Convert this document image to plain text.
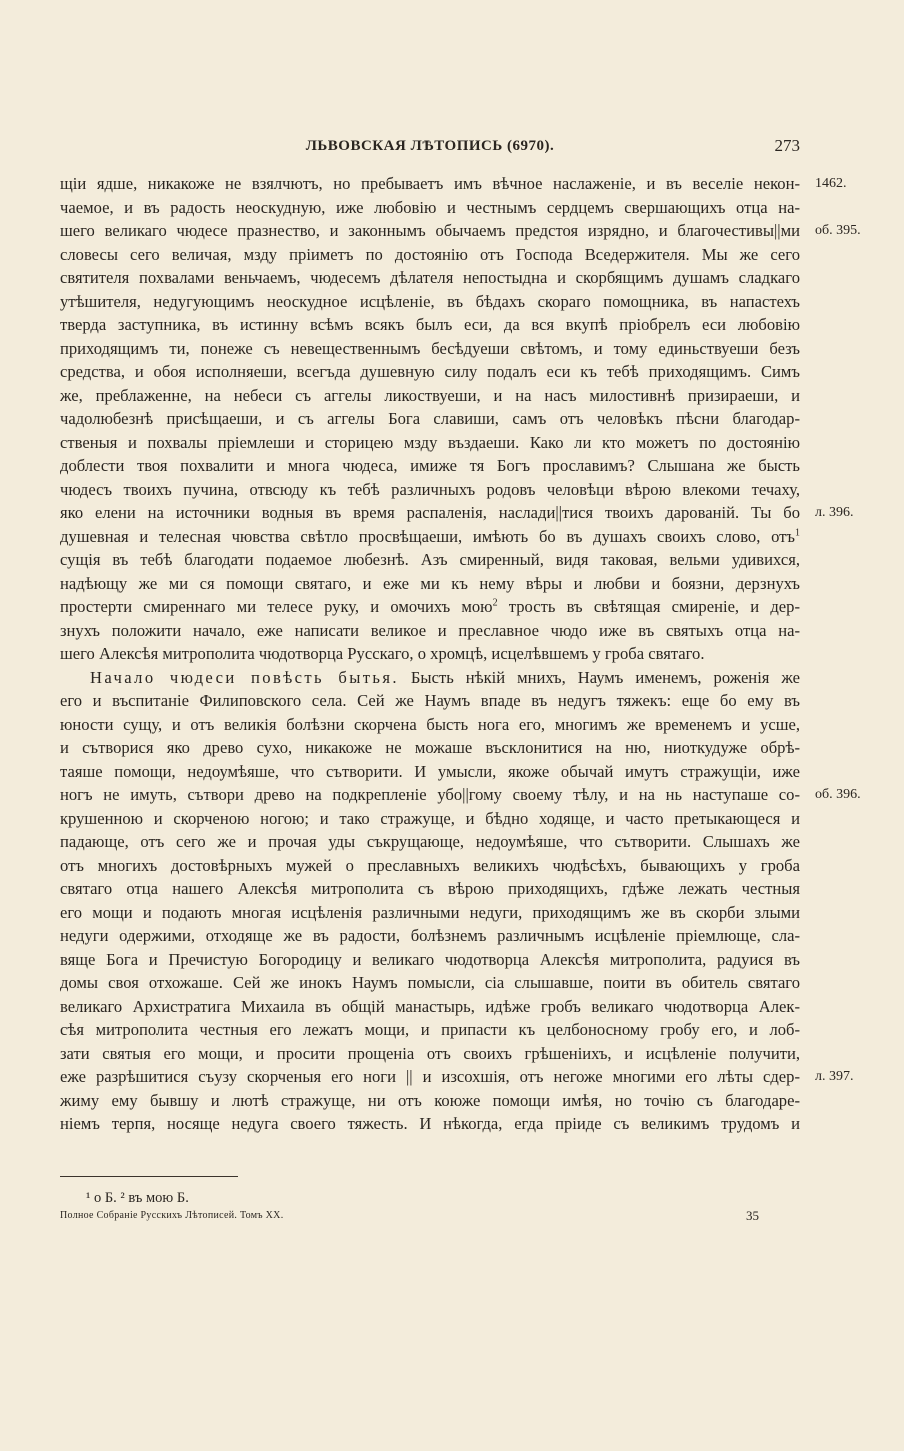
ЛЬВОВСКАЯ ЛѢТОПИСЬ (6970).	273
щіи ядше, никакоже не взялчютъ, но пребываетъ имъ вѣчное наслаженіе, и въ веселіе некон- 1462.
чаемое, и въ радость неоскудную, иже любовію и честнымъ сердцемъ свершающихъ отца на-
шего великаго чюдесе празнество, и законнымъ обычаемъ предстоя изрядно, и благочестивы||ми об. 395.
словесы сего величая, мзду пріиметъ по достоянію отъ Господа Вседержителя. Мы же сего
святителя похвалами веньчаемъ, чюдесемъ дѣлателя непостыдна и скорбящимъ душамъ сладкаго
утѣшителя, недугующимъ неоскудное исцѣленіе, въ бѣдахъ скораго помощника, въ напастехъ
тверда заступника, въ истинну всѣмъ всякъ былъ еси, да вся вкупѣ пріобрелъ еси любовію
приходящимъ ти, понеже съ невещественнымъ бесѣдуеши свѣтомъ, и тому единьствуеши безъ
средства, и обоя исполняеши, всегъда душевную силу подалъ еси къ тебѣ приходящимъ. Симъ
же, преблаженне, на небеси съ аггелы ликоствуеши, и на насъ милостивнѣ призираеши, и
чадолюбезнѣ присѣщаеши, и съ аггелы Бога славиши, самъ отъ человѣкъ пѣсни благодар-
ственыя и похвалы пріемлеши и сторицею мзду въздаеши. Како ли кто можетъ по достоянію
доблести твоя похвалити и многа чюдеса, имиже тя Богъ прославимъ? Слышана же бысть
чюдесъ твоихъ пучина, отвсюду къ тебѣ различныхъ родовъ человѣци вѣрою влекоми течаху,
яко елени на источники водныя въ время распаленія, наслади||тися твоихъ дарованій. Ты бо л. 396.
душевная и телесная чювства свѣтло просвѣщаеши, имѣють бо въ душахъ своихъ слово, отъ$^1$
сущія въ тебѣ благодати подаемое любезнѣ. Азъ смиренный, видя таковая, вельми удивихся,
надѣющу же ми ся помощи святаго, и еже ми къ нему вѣры и любви и боязни, дерзнухъ
простерти смиреннаго ми телесе руку, и омочихъ мою$^2$ трость въ свѣтящая смиреніе, и дер-
знухъ положити начало, еже написати великое и преславное чюдо иже въ святыхъ отца на-
шего Алексѣя митрополита чюдотворца Русскаго, о хромцѣ, исцелѣвшемъ у гроба святаго.
Начало чюдеси повѣсть бытья. Бысть нѣкій мнихъ, Наумъ именемъ, роженія же
его и въспитаніе Филиповского села. Сей же Наумъ впаде въ недугъ тяжекъ: еще бо ему въ
юности сущу, и отъ великія болѣзни скорчена бысть нога его, многимъ же временемъ и усше,
и сътворися яко древо сухо, никакоже не можаше въсклонитися на ню, ниоткудуже обрѣ-
таяше помощи, недоумѣяше, что сътворити. И умысли, якоже обычай имутъ стражущіи, иже
ногъ не имуть, сътвори древо на подкрепленіе убо||гому своему тѣлу, и на нь наступаше со- об. 396.
крушенною и скорченою ногою; и тако стражуще, и бѣдно ходяще, и часто претыкающеся и
падающе, отъ сего же и прочая уды съкрущающе, недоумѣяше, что сътворити. Слышахъ же
отъ многихъ достовѣрныхъ мужей о преславныхъ великихъ чюдѣсѣхъ, бывающихъ у гроба
святаго отца нашего Алексѣя митрополита съ вѣрою приходящихъ, гдѣже лежать честныя
его мощи и подають многая исцѣленія различными недуги, приходящимъ же въ скорби злыми
недуги одержими, отходяще же въ радости, болѣзнемъ различнымъ исцѣленіе пріемлюще, сла-
вяще Бога и Пречистую Богородицу и великаго чюдотворца Алексѣя митрополита, радуися въ
домы своя отхожаше. Сей же инокъ Наумъ помысли, сіа слышавше, поити въ обитель святаго
великаго Архистратига Михаила въ общій манастырь, идѣже гробъ великаго чюдотворца Алек-
сѣя митрополита честныя его лежатъ мощи, и припасти къ целбоносному гробу его, и лоб-
зати святыя его мощи, и просити прощеніа отъ своихъ грѣшеніихъ, и исцѣленіе получити,
еже разрѣшитися съузу скорченыя его ноги || и изсохшія, отъ негоже многими его лѣты сдер- л. 397.
жиму ему бывшу и лютѣ стражуще, ни отъ коюже помощи имѣя, но точію съ благодаре-
ніемъ терпя, носяще недуга своего тяжесть. И нѣкогда, егда пріиде съ великимъ трудомъ и
¹ о Б. ² въ мою Б.
Полное Собраніе Русскихъ Лѣтописей. Томъ XX.	35
